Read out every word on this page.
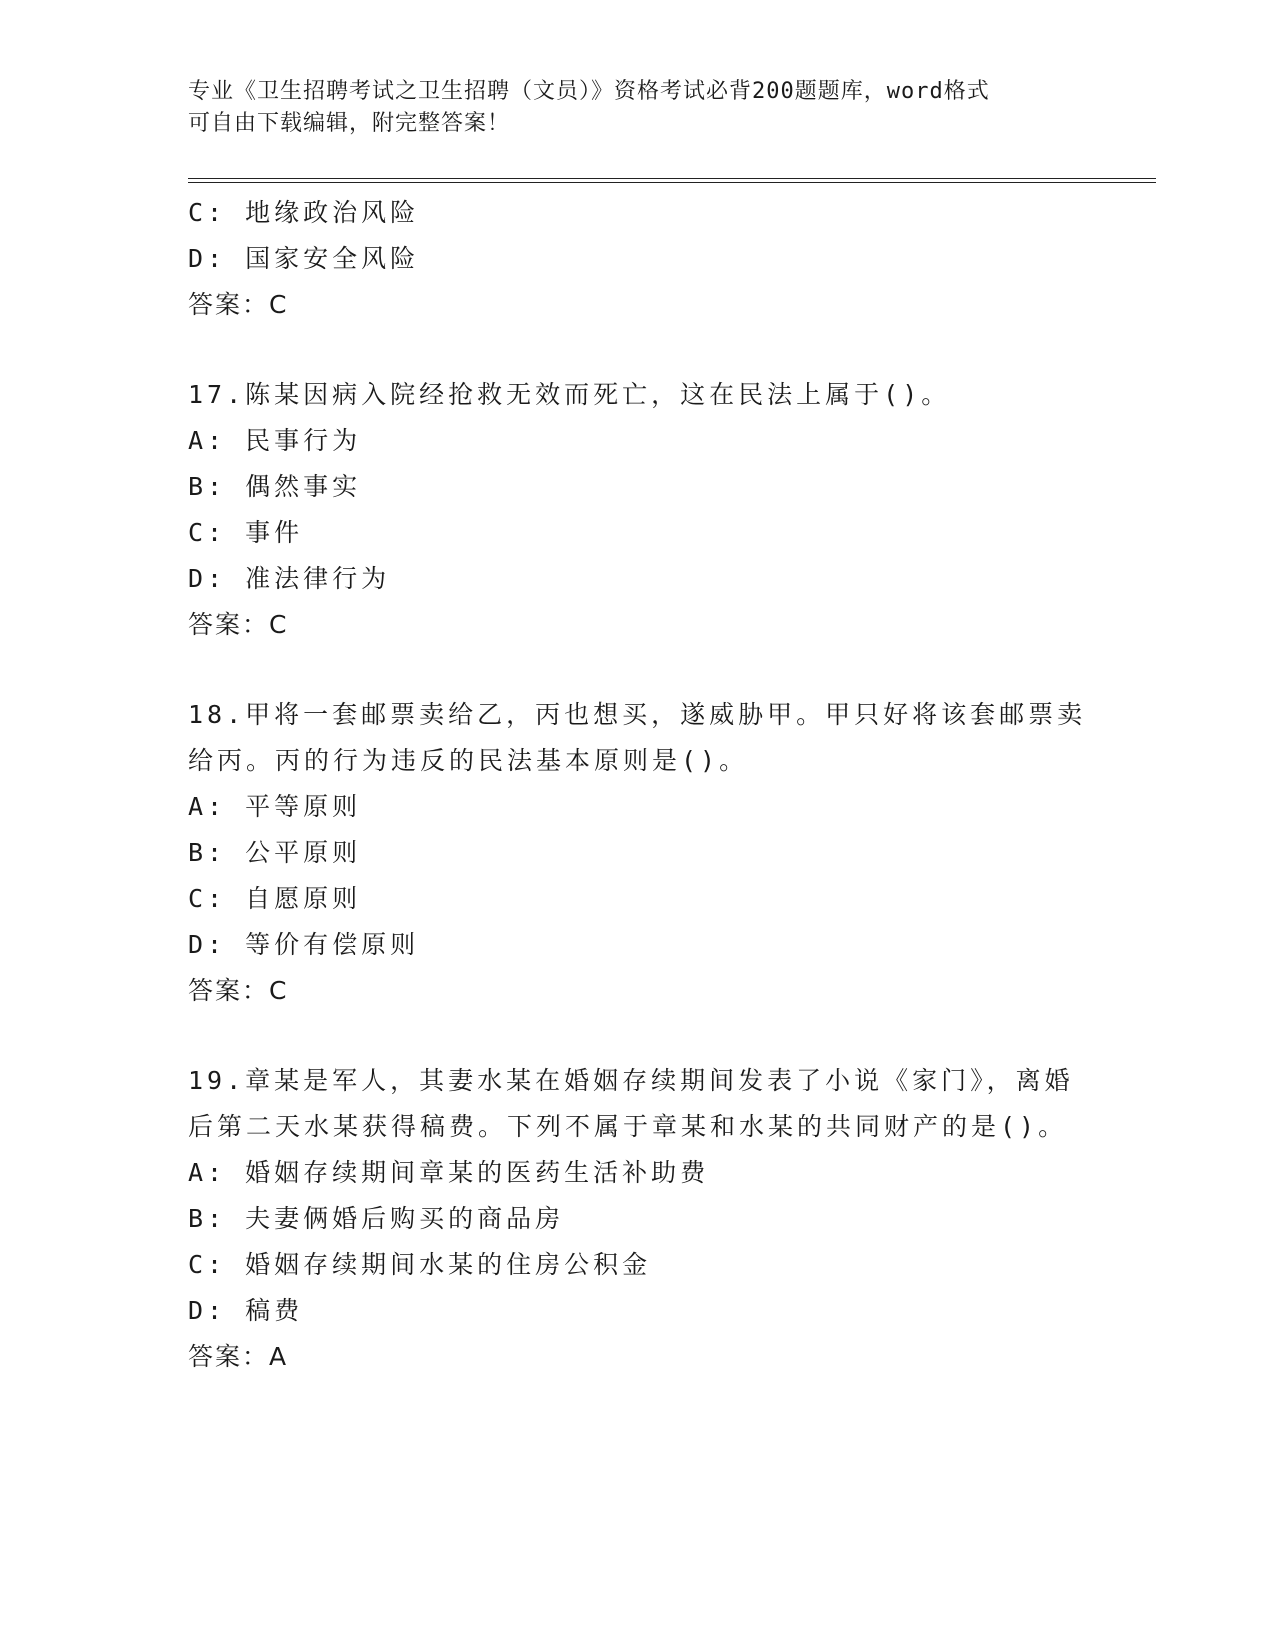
专业《卫生招聘考试之卫生招聘（文员）》资格考试必背200题题库，word格式
可自由下载编辑，附完整答案！
C: 地缘政治风险
D: 国家安全风险
答案：C
17.陈某因病入院经抢救无效而死亡，这在民法上属于()。
A: 民事行为
B: 偶然事实
C: 事件
D: 准法律行为
答案：C
18.甲将一套邮票卖给乙，丙也想买，遂威胁甲。甲只好将该套邮票卖给丙。丙的行为违反的民法基本原则是()。
A: 平等原则
B: 公平原则
C: 自愿原则
D: 等价有偿原则
答案：C
19.章某是军人，其妻水某在婚姻存续期间发表了小说《家门》，离婚后第二天水某获得稿费。下列不属于章某和水某的共同财产的是()。
A: 婚姻存续期间章某的医药生活补助费
B: 夫妻俩婚后购买的商品房
C: 婚姻存续期间水某的住房公积金
D: 稿费
答案：A
